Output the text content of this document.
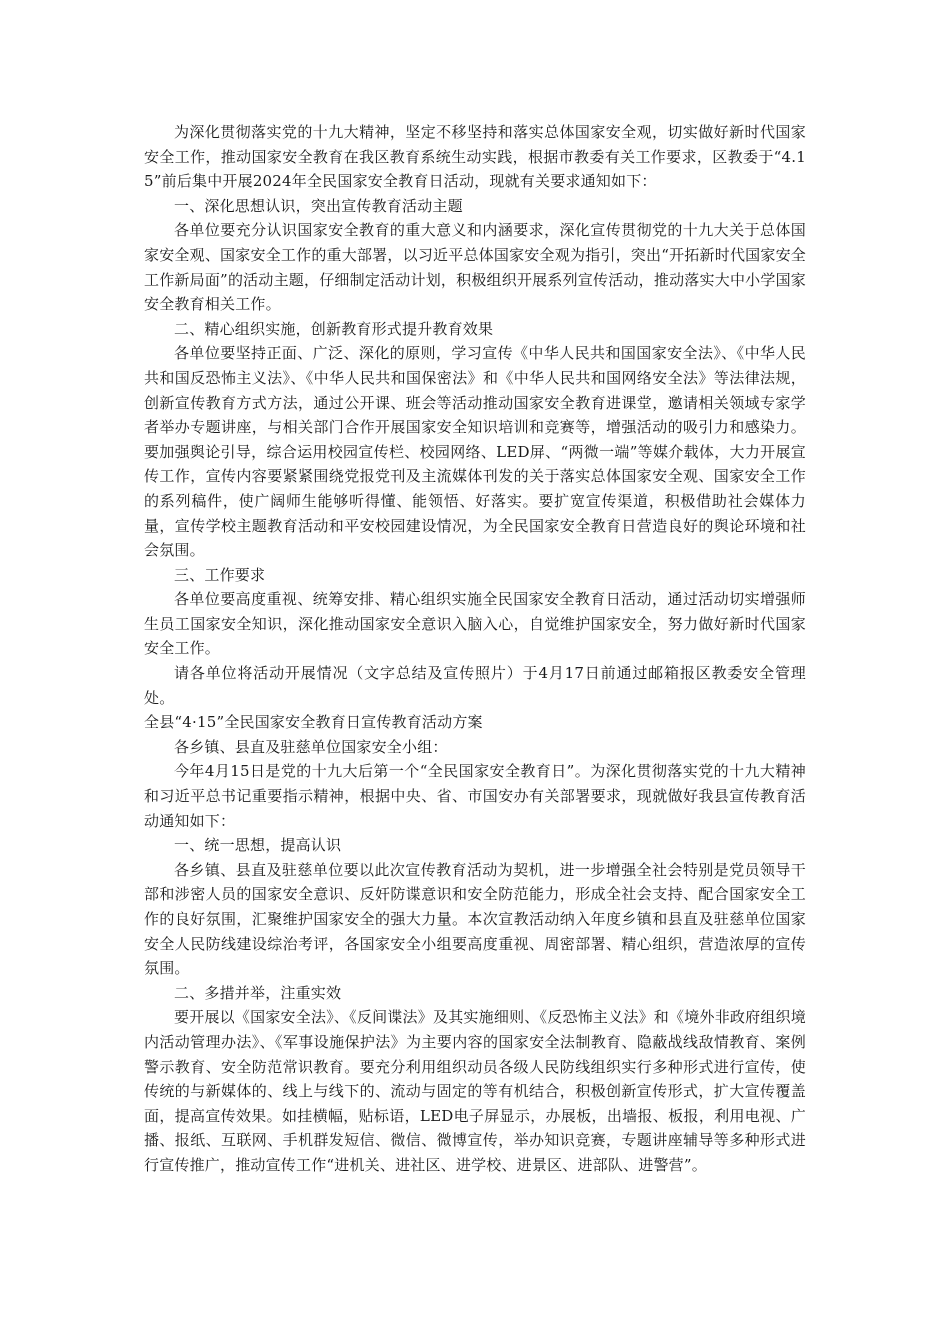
为深化贯彻落实党的十九大精神，坚定不移坚持和落实总体国家安全观，切实做好新时代国家安全工作，推动国家安全教育在我区教育系统生动实践，根据市教委有关工作要求，区教委于“4.15”前后集中开展2024年全民国家安全教育日活动，现就有关要求通知如下：

一、深化思想认识，突出宣传教育活动主题

各单位要充分认识国家安全教育的重大意义和内涵要求，深化宣传贯彻党的十九大关于总体国家安全观、国家安全工作的重大部署，以习近平总体国家安全观为指引，突出“开拓新时代国家安全工作新局面”的活动主题，仔细制定活动计划，积极组织开展系列宣传活动，推动落实大中小学国家安全教育相关工作。

二、精心组织实施，创新教育形式提升教育效果

各单位要坚持正面、广泛、深化的原则，学习宣传《中华人民共和国国家安全法》、《中华人民共和国反恐怖主义法》、《中华人民共和国保密法》和《中华人民共和国网络安全法》等法律法规，创新宣传教育方式方法，通过公开课、班会等活动推动国家安全教育进课堂，邀请相关领域专家学者举办专题讲座，与相关部门合作开展国家安全知识培训和竞赛等，增强活动的吸引力和感染力。要加强舆论引导，综合运用校园宣传栏、校园网络、LED屏、“两微一端”等媒介载体，大力开展宣传工作，宣传内容要紧紧围绕党报党刊及主流媒体刊发的关于落实总体国家安全观、国家安全工作的系列稿件，使广阔师生能够听得懂、能领悟、好落实。要扩宽宣传渠道，积极借助社会媒体力量，宣传学校主题教育活动和平安校园建设情况，为全民国家安全教育日营造良好的舆论环境和社会氛围。

三、工作要求

各单位要高度重视、统筹安排、精心组织实施全民国家安全教育日活动，通过活动切实增强师生员工国家安全知识，深化推动国家安全意识入脑入心，自觉维护国家安全，努力做好新时代国家安全工作。

请各单位将活动开展情况（文字总结及宣传照片）于4月17日前通过邮箱报区教委安全管理处。

全县“4·15”全民国家安全教育日宣传教育活动方案

各乡镇、县直及驻慈单位国家安全小组：

今年4月15日是党的十九大后第一个“全民国家安全教育日”。为深化贯彻落实党的十九大精神和习近平总书记重要指示精神，根据中央、省、市国安办有关部署要求，现就做好我县宣传教育活动通知如下：

一、统一思想，提高认识

各乡镇、县直及驻慈单位要以此次宣传教育活动为契机，进一步增强全社会特别是党员领导干部和涉密人员的国家安全意识、反奸防谍意识和安全防范能力，形成全社会支持、配合国家安全工作的良好氛围，汇聚维护国家安全的强大力量。本次宣教活动纳入年度乡镇和县直及驻慈单位国家安全人民防线建设综治考评，各国家安全小组要高度重视、周密部署、精心组织，营造浓厚的宣传氛围。

二、多措并举，注重实效

要开展以《国家安全法》、《反间谍法》及其实施细则、《反恐怖主义法》和《境外非政府组织境内活动管理办法》、《军事设施保护法》为主要内容的国家安全法制教育、隐蔽战线敌情教育、案例警示教育、安全防范常识教育。要充分利用组织动员各级人民防线组织实行多种形式进行宣传，使传统的与新媒体的、线上与线下的、流动与固定的等有机结合，积极创新宣传形式，扩大宣传覆盖面，提高宣传效果。如挂横幅，贴标语，LED电子屏显示，办展板，出墙报、板报，利用电视、广播、报纸、互联网、手机群发短信、微信、微博宣传，举办知识竞赛，专题讲座辅导等多种形式进行宣传推广，推动宣传工作“进机关、进社区、进学校、进景区、进部队、进警营”。
